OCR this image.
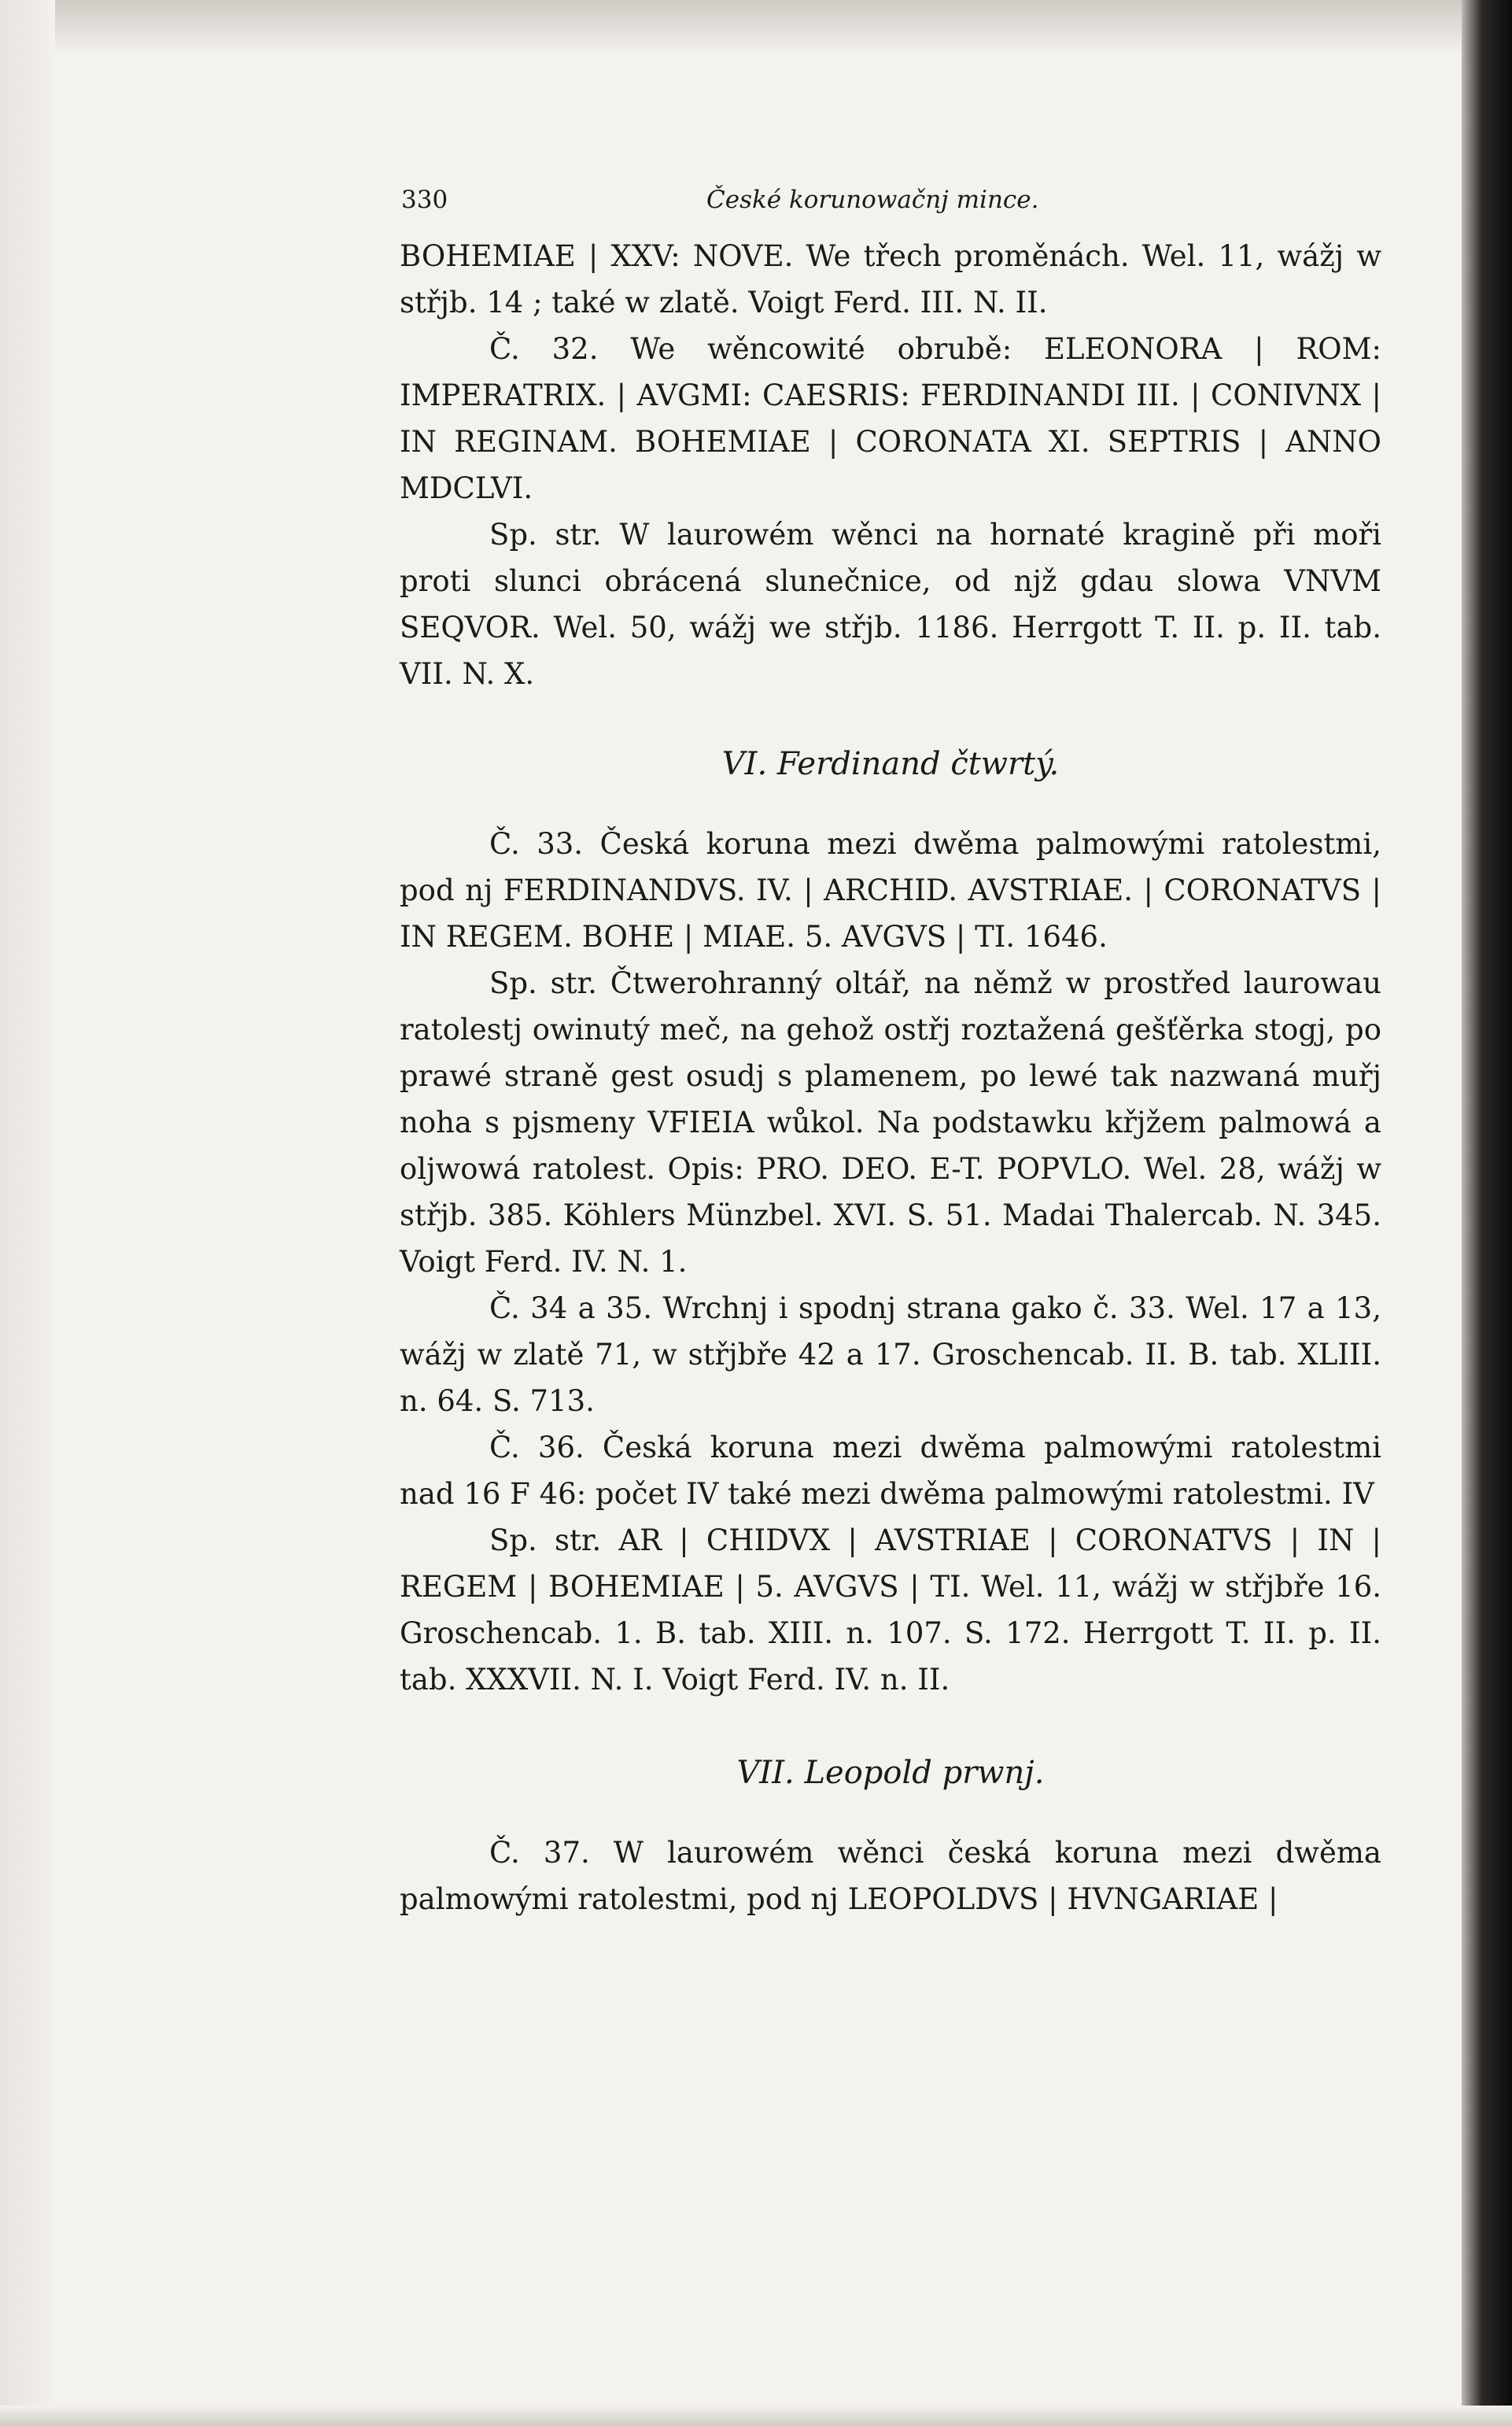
330	České korunowačnj mince.

BOHEMIAE | XXV: NOVE. We třech proměnách. Wel. 11, wážj w střjb. 14 ; také w zlatě. Voigt Ferd. III. N. II.

Č. 32. We wěncowité obrubě: ELEONORA | ROM: IMPERATRIX. | AVGMI: CAESRIS: FERDINANDI III. | CONIVNX | IN REGINAM. BOHEMIAE | CORONATA XI. SEPTRIS | ANNO MDCLVI.

Sp. str. W laurowém wěnci na hornaté kragině při moři proti slunci obrácená slunečnice, od njž gdau slowa VNVM SEQVOR. Wel. 50, wážj we střjb. 1186. Herrgott T. II. p. II. tab. VII. N. X.

VI. Ferdinand čtwrtý.

Č. 33. Česká koruna mezi dwěma palmowými ratolestmi, pod nj FERDINANDVS. IV. | ARCHID. AVSTRIAE. | CORONATVS | IN REGEM. BOHE | MIAE. 5. AVGVS | TI. 1646.

Sp. str. Čtwerohranný oltář, na němž w prostřed laurowau ratolestj owinutý meč, na gehož ostřj roztažená gešťěrka stogj, po prawé straně gest osudj s plamenem, po lewé tak nazwaná muřj noha s pjsmeny VFIEIA wůkol. Na podstawku křjžem palmowá a oljwowá ratolest. Opis: PRO. DEO. E-T. POPVLO. Wel. 28, wážj w střjb. 385. Köhlers Münzbel. XVI. S. 51. Madai Thalercab. N. 345. Voigt Ferd. IV. N. 1.

Č. 34 a 35. Wrchnj i spodnj strana gako č. 33. Wel. 17 a 13, wážj w zlatě 71, w střjbře 42 a 17. Groschencab. II. B. tab. XLIII. n. 64. S. 713.

Č. 36. Česká koruna mezi dwěma palmowými ratolestmi nad 16 F 46: počet IV také mezi dwěma palmowými ratolestmi. IV

Sp. str. AR | CHIDVX | AVSTRIAE | CORONATVS | IN | REGEM | BOHEMIAE | 5. AVGVS | TI. Wel. 11, wážj w střjbře 16. Groschencab. 1. B. tab. XIII. n. 107. S. 172. Herrgott T. II. p. II. tab. XXXVII. N. I. Voigt Ferd. IV. n. II.

VII. Leopold prwnj.

Č. 37. W laurowém wěnci česká koruna mezi dwěma palmowými ratolestmi, pod nj LEOPOLDVS | HVNGARIAE |
